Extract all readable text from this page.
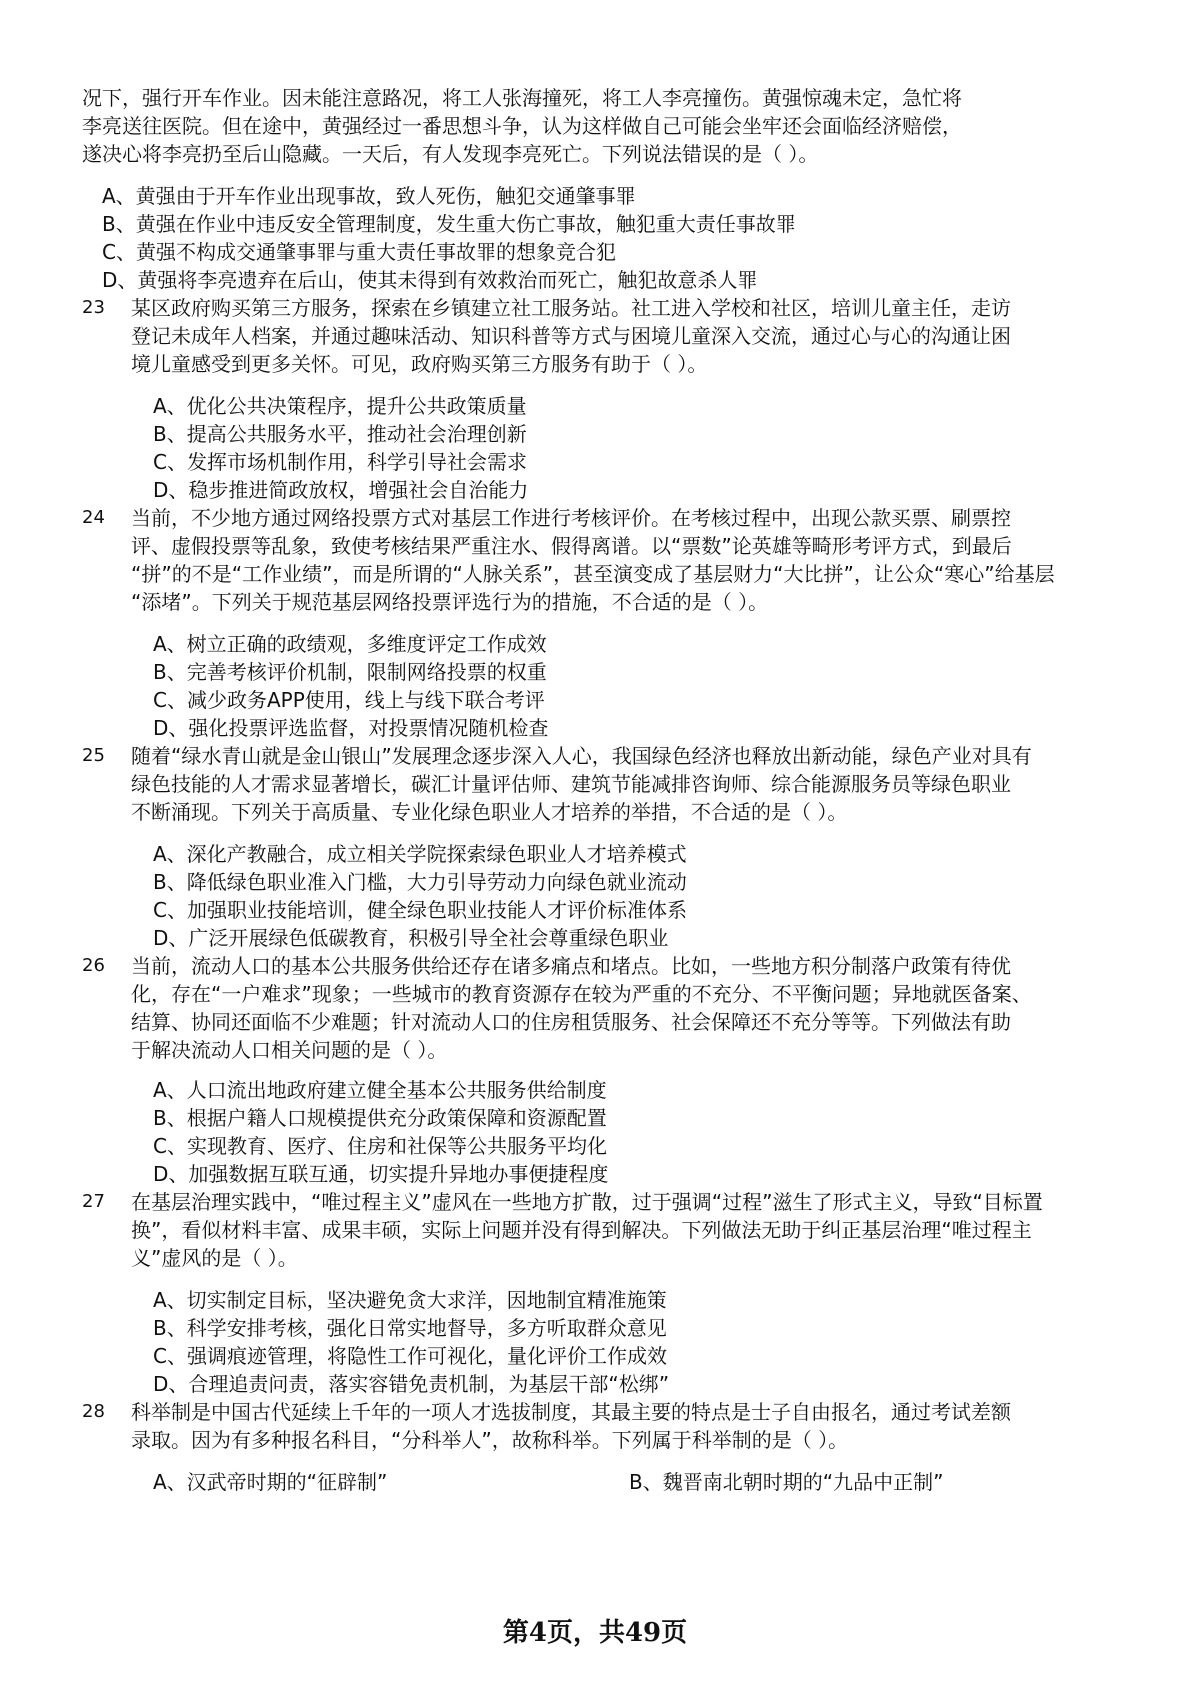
况下，强行开车作业。因未能注意路况，将工人张海撞死，将工人李亮撞伤。黄强惊魂未定，急忙将
李亮送往医院。但在途中，黄强经过一番思想斗争，认为这样做自己可能会坐牢还会面临经济赔偿，
遂决心将李亮扔至后山隐藏。一天后，有人发现李亮死亡。下列说法错误的是（ ）。
A、黄强由于开车作业出现事故，致人死伤，触犯交通肇事罪
B、黄强在作业中违反安全管理制度，发生重大伤亡事故，触犯重大责任事故罪
C、黄强不构成交通肇事罪与重大责任事故罪的想象竞合犯
D、黄强将李亮遗弃在后山，使其未得到有效救治而死亡，触犯故意杀人罪
23 某区政府购买第三方服务，探索在乡镇建立社工服务站。社工进入学校和社区，培训儿童主任，走访
登记未成年人档案，并通过趣味活动、知识科普等方式与困境儿童深入交流，通过心与心的沟通让困
境儿童感受到更多关怀。可见，政府购买第三方服务有助于（ ）。
A、优化公共决策程序，提升公共政策质量
B、提高公共服务水平，推动社会治理创新
C、发挥市场机制作用，科学引导社会需求
D、稳步推进简政放权，增强社会自治能力
24 当前，不少地方通过网络投票方式对基层工作进行考核评价。在考核过程中，出现公款买票、刷票控
评、虚假投票等乱象，致使考核结果严重注水、假得离谱。以“票数”论英雄等畸形考评方式，到最后
“拼”的不是“工作业绩”，而是所谓的“人脉关系”，甚至演变成了基层财力“大比拼”，让公众“寒心”给基层
“添堵”。下列关于规范基层网络投票评选行为的措施，不合适的是（ ）。
A、树立正确的政绩观，多维度评定工作成效
B、完善考核评价机制，限制网络投票的权重
C、减少政务APP使用，线上与线下联合考评
D、强化投票评选监督，对投票情况随机检查
25 随着“绿水青山就是金山银山”发展理念逐步深入人心，我国绿色经济也释放出新动能，绿色产业对具有
绿色技能的人才需求显著增长，碳汇计量评估师、建筑节能减排咨询师、综合能源服务员等绿色职业
不断涌现。下列关于高质量、专业化绿色职业人才培养的举措，不合适的是（ ）。
A、深化产教融合，成立相关学院探索绿色职业人才培养模式
B、降低绿色职业准入门槛，大力引导劳动力向绿色就业流动
C、加强职业技能培训，健全绿色职业技能人才评价标准体系
D、广泛开展绿色低碳教育，积极引导全社会尊重绿色职业
26 当前，流动人口的基本公共服务供给还存在诸多痛点和堵点。比如，一些地方积分制落户政策有待优
化，存在“一户难求”现象；一些城市的教育资源存在较为严重的不充分、不平衡问题；异地就医备案、
结算、协同还面临不少难题；针对流动人口的住房租赁服务、社会保障还不充分等等。下列做法有助
于解决流动人口相关问题的是（ ）。
A、人口流出地政府建立健全基本公共服务供给制度
B、根据户籍人口规模提供充分政策保障和资源配置
C、实现教育、医疗、住房和社保等公共服务平均化
D、加强数据互联互通，切实提升异地办事便捷程度
27 在基层治理实践中，“唯过程主义”虚风在一些地方扩散，过于强调“过程”滋生了形式主义，导致“目标置
换”，看似材料丰富、成果丰硕，实际上问题并没有得到解决。下列做法无助于纠正基层治理“唯过程主
义”虚风的是（ ）。
A、切实制定目标，坚决避免贪大求洋，因地制宜精准施策
B、科学安排考核，强化日常实地督导，多方听取群众意见
C、强调痕迹管理，将隐性工作可视化，量化评价工作成效
D、合理追责问责，落实容错免责机制，为基层干部“松绑”
28 科举制是中国古代延续上千年的一项人才选拔制度，其最主要的特点是士子自由报名，通过考试差额
录取。因为有多种报名科目，“分科举人”，故称科举。下列属于科举制的是（ ）。
A、汉武帝时期的“征辟制”	B、魏晋南北朝时期的“九品中正制”
第4页，共49页
